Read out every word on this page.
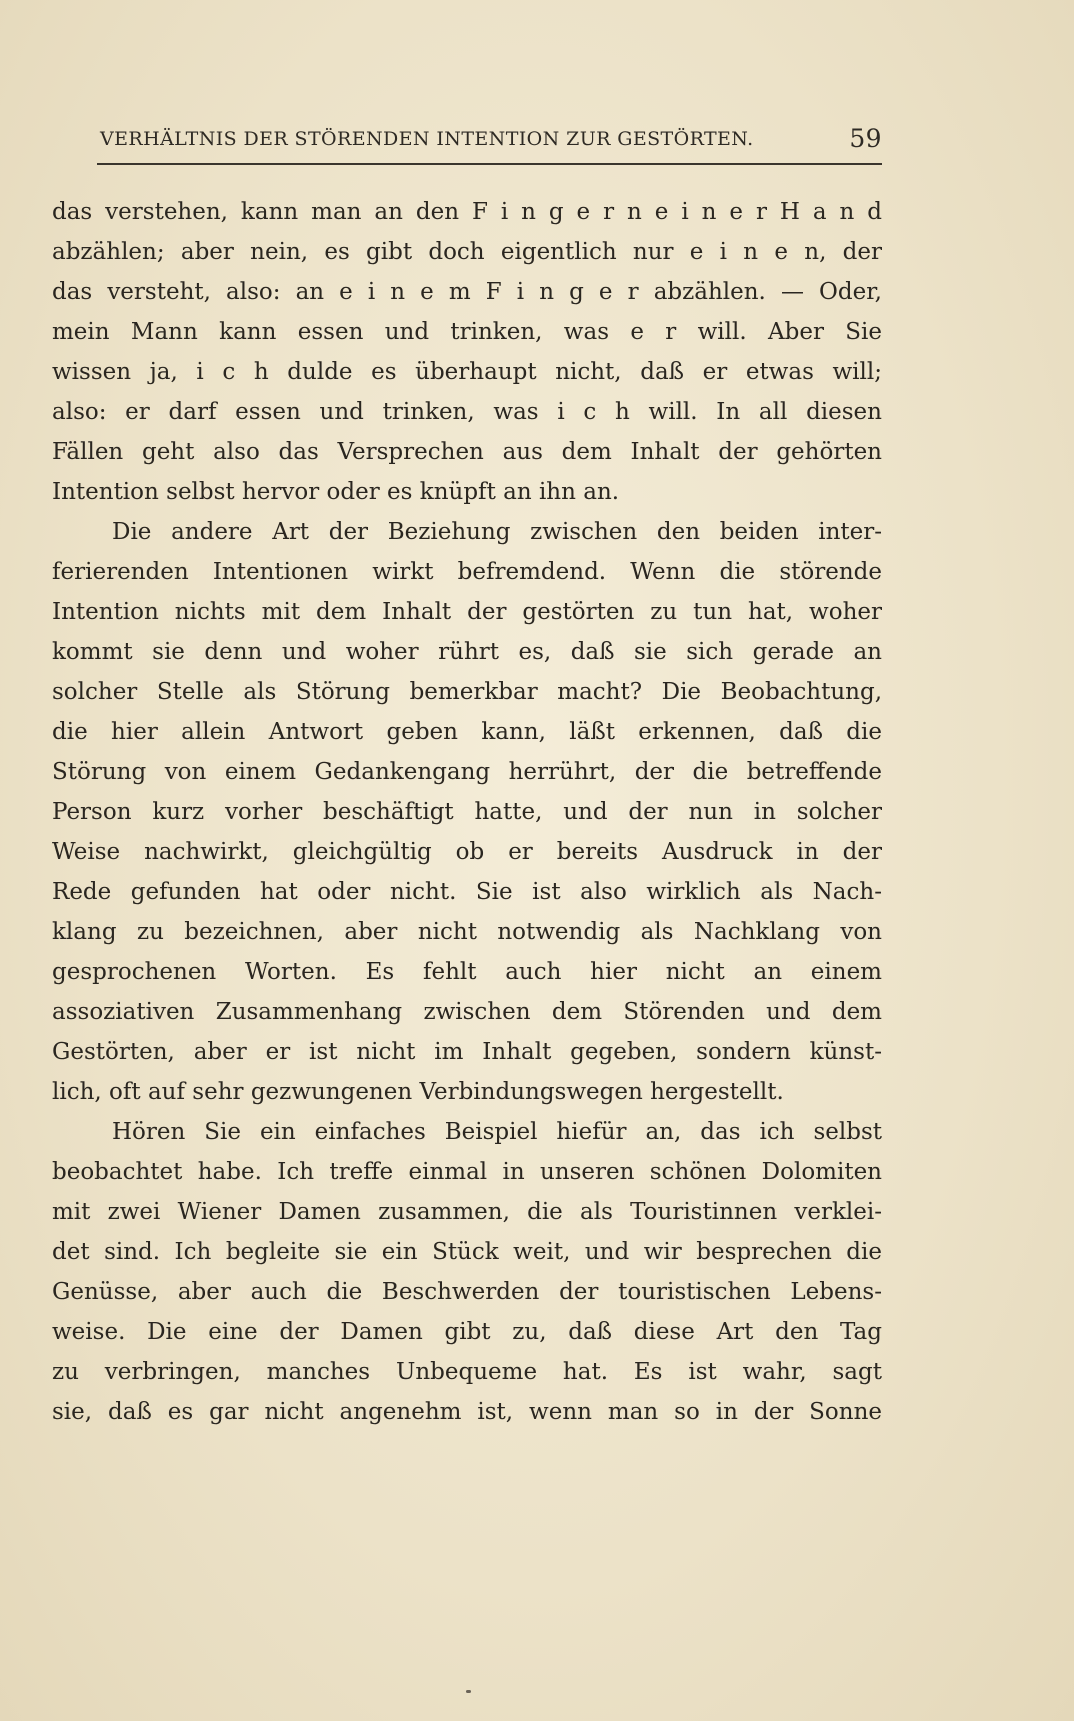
VERHÄLTNIS DER STÖRENDEN INTENTION ZUR GESTÖRTEN.	59
das verstehen, kann man an den F i n g e r n e i n e r H a n d
abzählen; aber nein, es gibt doch eigentlich nur e i n e n, der
das versteht, also: an e i n e m F i n g e r abzählen. — Oder,
mein Mann kann essen und trinken, was e r will. Aber Sie
wissen ja, i c h dulde es überhaupt nicht, daß er etwas will;
also: er darf essen und trinken, was i c h will. In all diesen
Fällen geht also das Versprechen aus dem Inhalt der gehörten
Intention selbst hervor oder es knüpft an ihn an.
Die andere Art der Beziehung zwischen den beiden inter-
ferierenden Intentionen wirkt befremdend. Wenn die störende
Intention nichts mit dem Inhalt der gestörten zu tun hat, woher
kommt sie denn und woher rührt es, daß sie sich gerade an
solcher Stelle als Störung bemerkbar macht? Die Beobachtung,
die hier allein Antwort geben kann, läßt erkennen, daß die
Störung von einem Gedankengang herrührt, der die betreffende
Person kurz vorher beschäftigt hatte, und der nun in solcher
Weise nachwirkt, gleichgültig ob er bereits Ausdruck in der
Rede gefunden hat oder nicht. Sie ist also wirklich als Nach-
klang zu bezeichnen, aber nicht notwendig als Nachklang von
gesprochenen Worten. Es fehlt auch hier nicht an einem
assoziativen Zusammenhang zwischen dem Störenden und dem
Gestörten, aber er ist nicht im Inhalt gegeben, sondern künst-
lich, oft auf sehr gezwungenen Verbindungswegen hergestellt.
Hören Sie ein einfaches Beispiel hiefür an, das ich selbst
beobachtet habe. Ich treffe einmal in unseren schönen Dolomiten
mit zwei Wiener Damen zusammen, die als Touristinnen verklei-
det sind. Ich begleite sie ein Stück weit, und wir besprechen die
Genüsse, aber auch die Beschwerden der touristischen Lebens-
weise. Die eine der Damen gibt zu, daß diese Art den Tag
zu verbringen, manches Unbequeme hat. Es ist wahr, sagt
sie, daß es gar nicht angenehm ist, wenn man so in der Sonne
